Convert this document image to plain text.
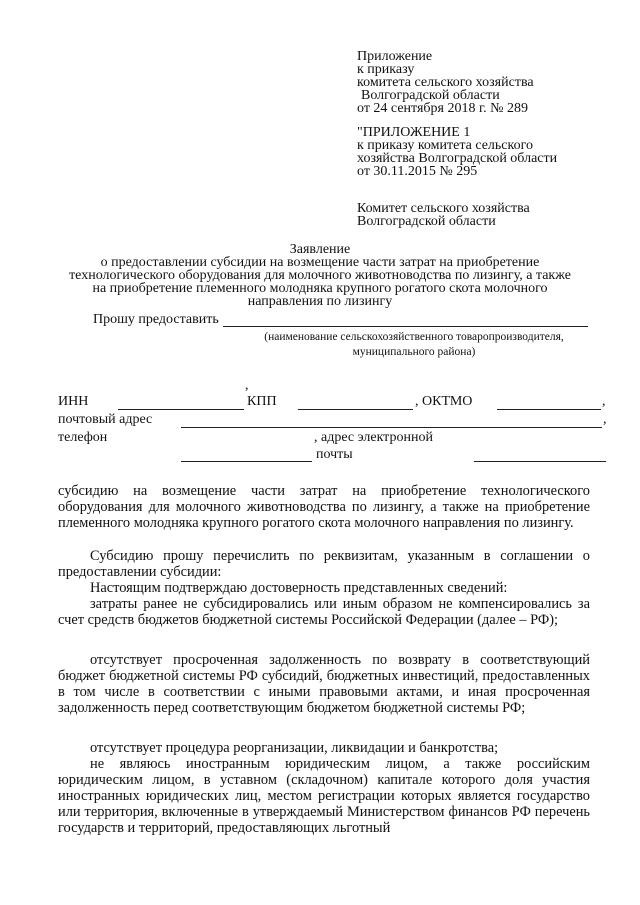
Приложение
к приказу
комитета сельского хозяйства
Волгоградской области
от 24 сентября 2018 г. № 289
"ПРИЛОЖЕНИЕ 1
к приказу комитета сельского
хозяйства Волгоградской области
от 30.11.2015 № 295
Комитет сельского хозяйства
Волгоградской области
Заявление
о предоставлении субсидии на возмещение части затрат на приобретение
технологического оборудования для молочного животноводства по лизингу, а также
на приобретение племенного молодняка крупного рогатого скота молочного
направления по лизингу
Прошу предоставить
(наименование сельскохозяйственного товаропроизводителя,
муниципального района)
,
ИНН	КПП	, ОКТМО	,
почтовый адрес	,
телефон	, адрес электронной
почты
субсидию на возмещение части затрат на приобретение технологического оборудования для молочного животноводства по лизингу, а также на приобретение племенного молодняка крупного рогатого скота молочного направления по лизингу.
Субсидию прошу перечислить по реквизитам, указанным в соглашении о предоставлении субсидии:
Настоящим подтверждаю достоверность представленных сведений:
затраты ранее не субсидировались или иным образом не компенсировались за счет средств бюджетов бюджетной системы Российской Федерации (далее – РФ);
отсутствует просроченная задолженность по возврату в соответствующий бюджет бюджетной системы РФ субсидий, бюджетных инвестиций, предоставленных в том числе в соответствии с иными правовыми актами, и иная просроченная задолженность перед соответствующим бюджетом бюджетной системы РФ;
отсутствует процедура реорганизации, ликвидации и банкротства;
не являюсь иностранным юридическим лицом, а также российским юридическим лицом, в уставном (складочном) капитале которого доля участия иностранных юридических лиц, местом регистрации которых является государство или территория, включенные в утверждаемый Министерством финансов РФ перечень государств и территорий, предоставляющих льготный
